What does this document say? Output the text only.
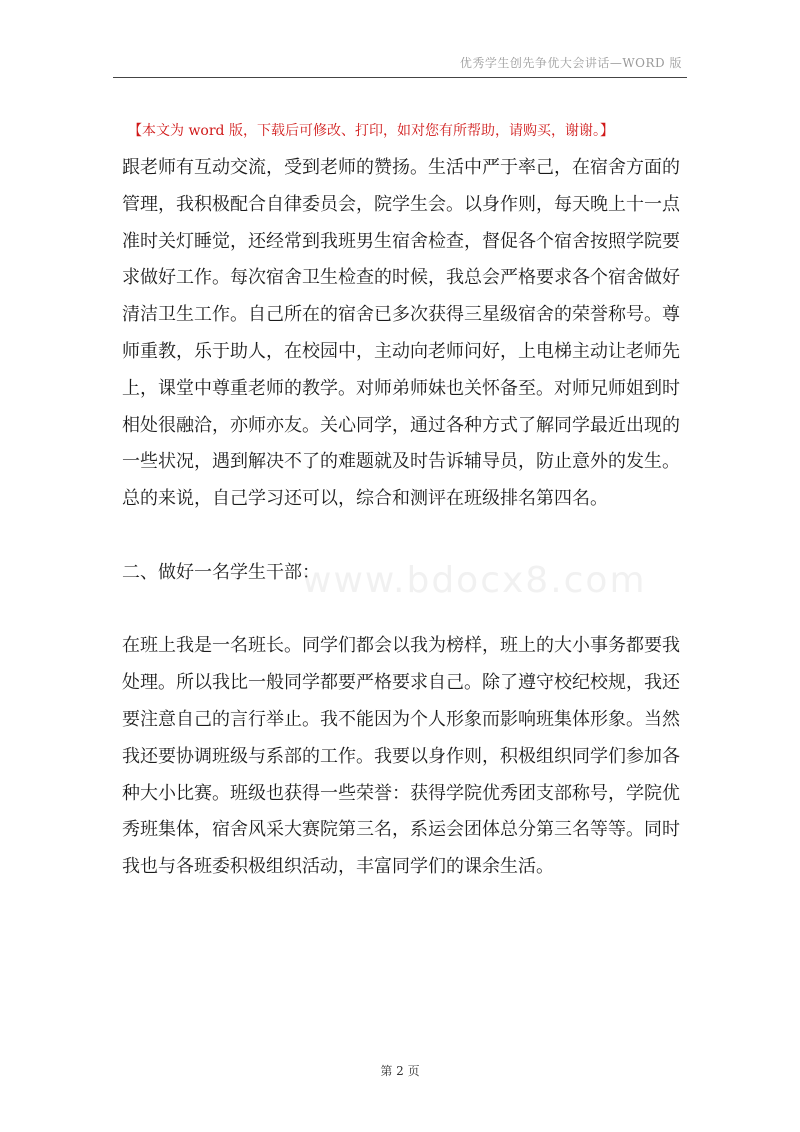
优秀学生创先争优大会讲话—WORD 版
【本文为 word 版，下载后可修改、打印，如对您有所帮助，请购买，谢谢。】

跟老师有互动交流，受到老师的赞扬。生活中严于率己，在宿舍方面的管理，我积极配合自律委员会，院学生会。以身作则，每天晚上十一点准时关灯睡觉，还经常到我班男生宿舍检查，督促各个宿舍按照学院要求做好工作。每次宿舍卫生检查的时候，我总会严格要求各个宿舍做好清洁卫生工作。自己所在的宿舍已多次获得三星级宿舍的荣誉称号。尊师重教，乐于助人，在校园中，主动向老师问好，上电梯主动让老师先上，课堂中尊重老师的教学。对师弟师妹也关怀备至。对师兄师姐到时相处很融洽，亦师亦友。关心同学，通过各种方式了解同学最近出现的一些状况，遇到解决不了的难题就及时告诉辅导员，防止意外的发生。总的来说，自己学习还可以，综合和测评在班级排名第四名。

二、做好一名学生干部：

在班上我是一名班长。同学们都会以我为榜样，班上的大小事务都要我处理。所以我比一般同学都要严格要求自己。除了遵守校纪校规，我还要注意自己的言行举止。我不能因为个人形象而影响班集体形象。当然我还要协调班级与系部的工作。我要以身作则，积极组织同学们参加各种大小比赛。班级也获得一些荣誉：获得学院优秀团支部称号，学院优秀班集体，宿舍风采大赛院第三名，系运会团体总分第三名等等。同时我也与各班委积极组织活动，丰富同学们的课余生活。

www.bdocx8.com
第 2 页
